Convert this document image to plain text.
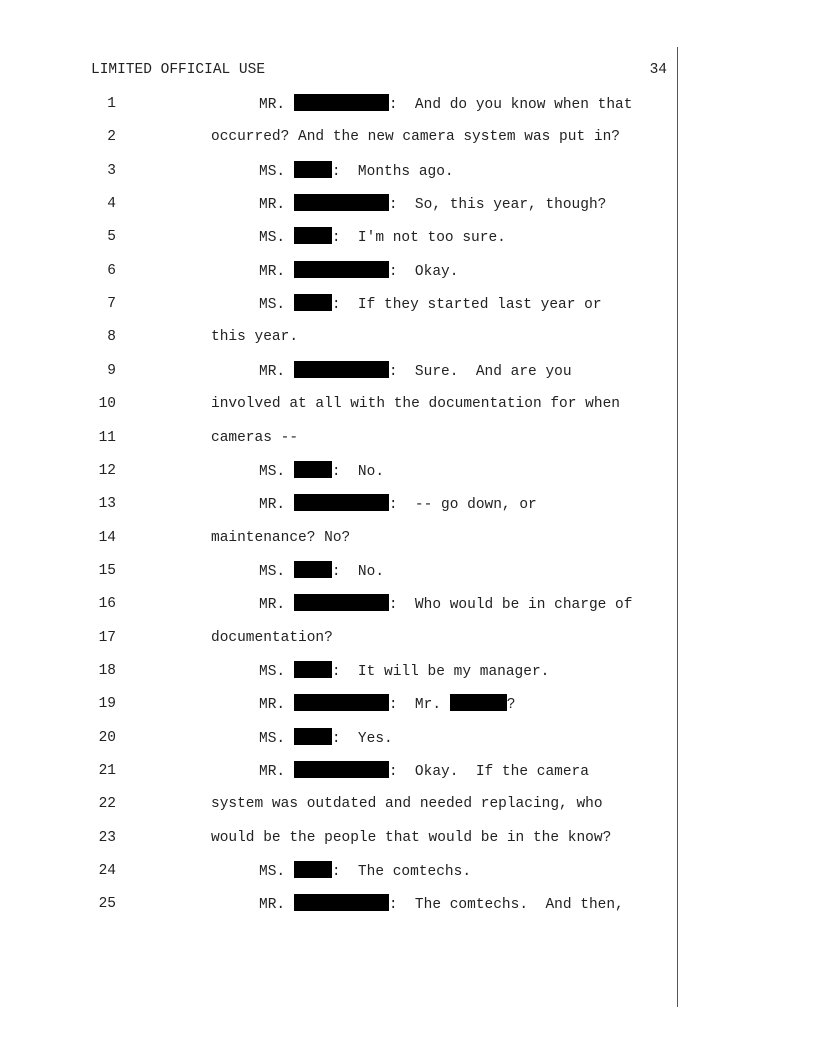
LIMITED OFFICIAL USE	34
1	MR.	:  And do you know when that
2	occurred? And the new camera system was put in?
3	MS.	:  Months ago.
4	MR.	:  So, this year, though?
5	MS.	:  I'm not too sure.
6	MR.	:  Okay.
7	MS.	:  If they started last year or
8	this year.
9	MR.	:  Sure.  And are you
10	involved at all with the documentation for when
11	cameras --
12	MS.	:  No.
13	MR.	:  -- go down, or
14	maintenance? No?
15	MS.	:  No.
16	MR.	:  Who would be in charge of
17	documentation?
18	MS.	:  It will be my manager.
19	MR.	:  Mr.	?
20	MS.	:  Yes.
21	MR.	:  Okay.  If the camera
22	system was outdated and needed replacing, who
23	would be the people that would be in the know?
24	MS.	:  The comtechs.
25	MR.	:  The comtechs.  And then,
